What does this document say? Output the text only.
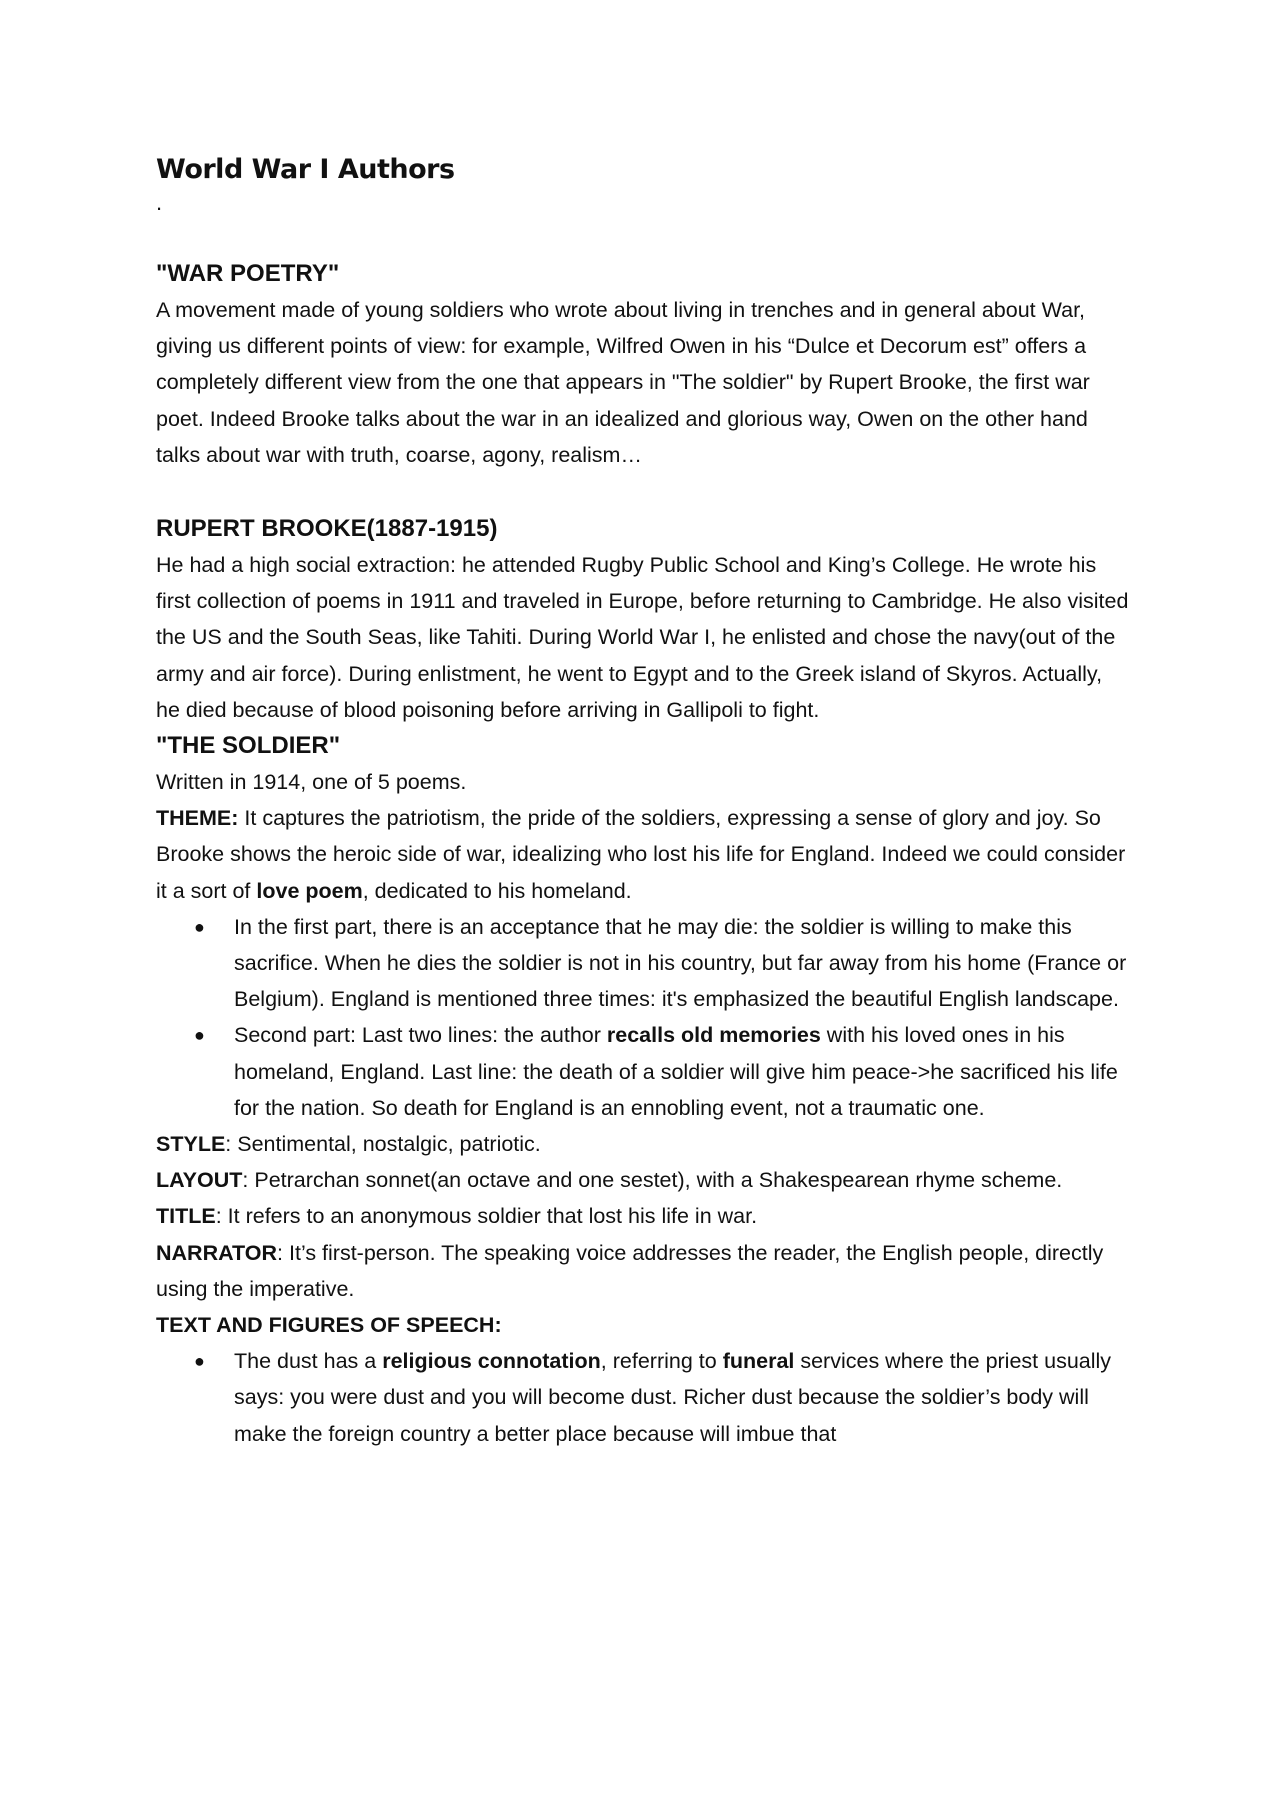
World War I Authors
.
"WAR POETRY"

A movement made of young soldiers who wrote about living in trenches and in general about War, giving us different points of view: for example, Wilfred Owen in his “Dulce et Decorum est” offers a completely different view from the one that appears in "The soldier" by Rupert Brooke, the first war poet. Indeed Brooke talks about the war in an idealized and glorious way, Owen on the other hand talks about war with truth, coarse, agony, realism…

RUPERT BROOKE(1887-1915)

He had a high social extraction: he attended Rugby Public School and King’s College. He wrote his first collection of poems in 1911 and traveled in Europe, before returning to Cambridge. He also visited the US and the South Seas, like Tahiti. During World War I, he enlisted and chose the navy(out of the army and air force). During enlistment, he went to Egypt and to the Greek island of Skyros. Actually, he died because of blood poisoning before arriving in Gallipoli to fight.

"THE SOLDIER"

Written in 1914, one of 5 poems.

THEME: It captures the patriotism, the pride of the soldiers, expressing a sense of glory and joy. So Brooke shows the heroic side of war, idealizing who lost his life for England. Indeed we could consider it a sort of love poem, dedicated to his homeland.

● In the first part, there is an acceptance that he may die: the soldier is willing to make this sacrifice. When he dies the soldier is not in his country, but far away from his home (France or Belgium). England is mentioned three times: it's emphasized the beautiful English landscape.
● Second part: Last two lines: the author recalls old memories with his loved ones in his homeland, England. Last line: the death of a soldier will give him peace->he sacrificed his life for the nation. So death for England is an ennobling event, not a traumatic one.

STYLE: Sentimental, nostalgic, patriotic.

LAYOUT: Petrarchan sonnet(an octave and one sestet), with a Shakespearean rhyme scheme.

TITLE: It refers to an anonymous soldier that lost his life in war.

NARRATOR: It’s first-person. The speaking voice addresses the reader, the English people, directly using the imperative.

TEXT AND FIGURES OF SPEECH:

● The dust has a religious connotation, referring to funeral services where the priest usually says: you were dust and you will become dust. Richer dust because the soldier’s body will make the foreign country a better place because will imbue that
